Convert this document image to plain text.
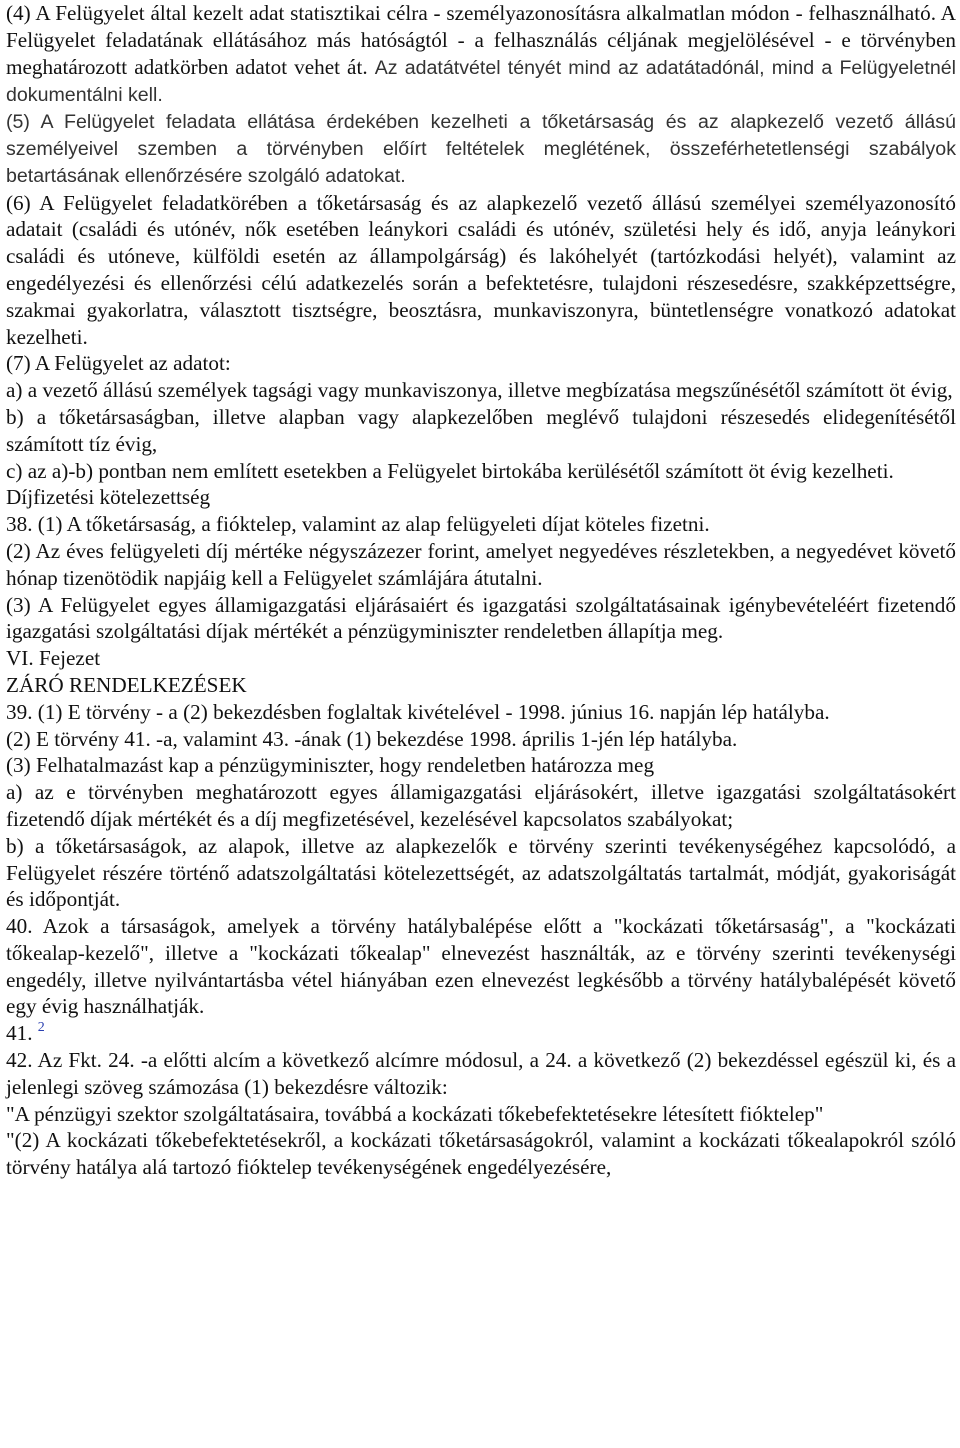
(4) A Felügyelet által kezelt adat statisztikai célra - személyazonosításra alkalmatlan módon - felhasználható. A Felügyelet feladatának ellátásához más hatóságtól - a felhasználás céljának megjelölésével - e törvényben meghatározott adatkörben adatot vehet át. Az adatátvétel tényét mind az adatátadónál, mind a Felügyeletnél dokumentálni kell.

(5) A Felügyelet feladata ellátása érdekében kezelheti a tőketársaság és az alapkezelő vezető állású személyeivel szemben a törvényben előírt feltételek meglétének, összeférhetetlenségi szabályok betartásának ellenőrzésére szolgáló adatokat.

(6) A Felügyelet feladatkörében a tőketársaság és az alapkezelő vezető állású személyei személyazonosító adatait (családi és utónév, nők esetében leánykori családi és utónév, születési hely és idő, anyja leánykori családi és utóneve, külföldi esetén az állampolgárság) és lakóhelyét (tartózkodási helyét), valamint az engedélyezési és ellenőrzési célú adatkezelés során a befektetésre, tulajdoni részesedésre, szakképzettségre, szakmai gyakorlatra, választott tisztségre, beosztásra, munkaviszonyra, büntetlenségre vonatkozó adatokat kezelheti.

(7) A Felügyelet az adatot:

a) a vezető állású személyek tagsági vagy munkaviszonya, illetve megbízatása megszűnésétől számított öt évig,

b) a tőketársaságban, illetve alapban vagy alapkezelőben meglévő tulajdoni részesedés elidegenítésétől számított tíz évig,

c) az a)-b) pontban nem említett esetekben a Felügyelet birtokába kerülésétől számított öt évig kezelheti.

Díjfizetési kötelezettség

38. (1) A tőketársaság, a fióktelep, valamint az alap felügyeleti díjat köteles fizetni.

(2) Az éves felügyeleti díj mértéke négyszázezer forint, amelyet negyedéves részletekben, a negyedévet követő hónap tizenötödik napjáig kell a Felügyelet számlájára átutalni.

(3) A Felügyelet egyes államigazgatási eljárásaiért és igazgatási szolgáltatásainak igénybevételéért fizetendő igazgatási szolgáltatási díjak mértékét a pénzügyminiszter rendeletben állapítja meg.

VI. Fejezet

ZÁRÓ RENDELKEZÉSEK

39. (1) E törvény - a (2) bekezdésben foglaltak kivételével - 1998. június 16. napján lép hatályba.

(2) E törvény 41. -a, valamint 43. -ának (1) bekezdése 1998. április 1-jén lép hatályba.

(3) Felhatalmazást kap a pénzügyminiszter, hogy rendeletben határozza meg

a) az e törvényben meghatározott egyes államigazgatási eljárásokért, illetve igazgatási szolgáltatásokért fizetendő díjak mértékét és a díj megfizetésével, kezelésével kapcsolatos szabályokat;

b) a tőketársaságok, az alapok, illetve az alapkezelők e törvény szerinti tevékenységéhez kapcsolódó, a Felügyelet részére történő adatszolgáltatási kötelezettségét, az adatszolgáltatás tartalmát, módját, gyakoriságát és időpontját.

40. Azok a társaságok, amelyek a törvény hatálybalépése előtt a "kockázati tőketársaság", a "kockázati tőkealap-kezelő", illetve a "kockázati tőkealap" elnevezést használták, az e törvény szerinti tevékenységi engedély, illetve nyilvántartásba vétel hiányában ezen elnevezést legkésőbb a törvény hatálybalépését követő egy évig használhatják.

41. $^2$

42. Az Fkt. 24. -a előtti alcím a következő alcímre módosul, a 24. a következő (2) bekezdéssel egészül ki, és a jelenlegi szöveg számozása (1) bekezdésre változik:

"A pénzügyi szektor szolgáltatásaira, továbbá a kockázati tőkebefektetésekre létesített fióktelep"

"(2) A kockázati tőkebefektetésekről, a kockázati tőketársaságokról, valamint a kockázati tőkealapokról szóló törvény hatálya alá tartozó fióktelep tevékenységének engedélyezésére,
